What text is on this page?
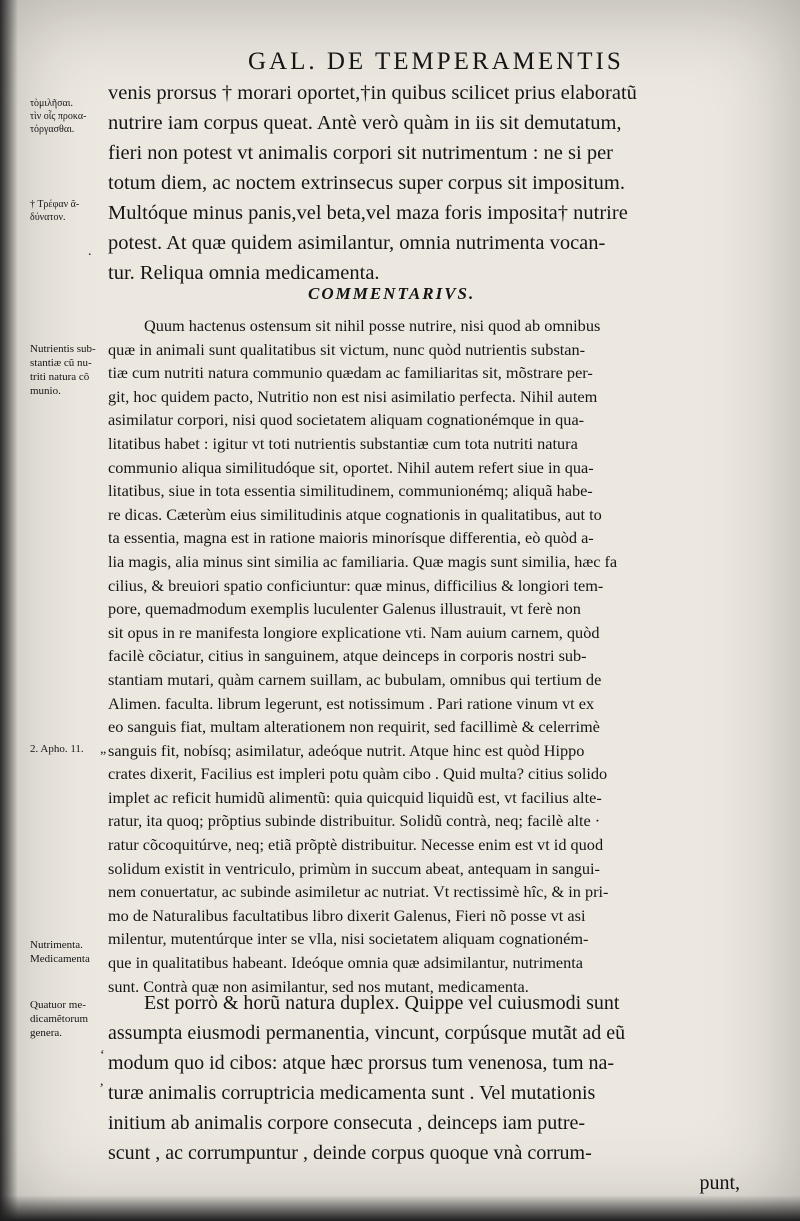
GAL. DE TEMPERAMENTIS
τὸμιλῆσαι.
τὶν οἷς προκα-
τόργασθαι.
† Τρέφαν ᾶ-
δύνατον.
Nutrientis sub-
stantiæ cũ nu-
triti natura cõ
munio.
2. Apho. 11.
Nutrimenta.
Medicamenta
Quatuor me-
dicamẽtorum
genera.
.
„
ʻ
,
venis prorsus † morari oportet,†in quibus scilicet prius elaboratũ
nutrire iam corpus queat. Antè verò quàm in iis sit demutatum,
fieri non potest vt animalis corpori sit nutrimentum : ne si per
totum diem, ac noctem extrinsecus super corpus sit impositum.
Multóque minus panis,vel beta,vel maza foris imposita† nutrire
potest. At quæ quidem asimilantur, omnia nutrimenta vocan-
tur. Reliqua omnia medicamenta.
COMMENTARIVS.
Quum hactenus ostensum sit nihil posse nutrire, nisi quod ab omnibus
quæ in animali sunt qualitatibus sit victum, nunc quòd nutrientis substan-
tiæ cum nutriti natura communio quædam ac familiaritas sit, mõstrare per-
git, hoc quidem pacto, Nutritio non est nisi asimilatio perfecta. Nihil autem
asimilatur corpori, nisi quod societatem aliquam cognationémque in qua-
litatibus habet : igitur vt toti nutrientis substantiæ cum tota nutriti natura
communio aliqua similitudóque sit, oportet. Nihil autem refert siue in qua-
litatibus, siue in tota essentia similitudinem, communionémq; aliquã habe-
re dicas. Cæterùm eius similitudinis atque cognationis in qualitatibus, aut to
ta essentia, magna est in ratione maioris minorísque differentia, eò quòd a-
lia magis, alia minus sint similia ac familiaria. Quæ magis sunt similia, hæc fa
cilius, & breuiori spatio conficiuntur: quæ minus, difficilius & longiori tem-
pore, quemadmodum exemplis luculenter Galenus illustrauit, vt ferè non
sit opus in re manifesta longiore explicatione vti. Nam auium carnem, quòd
facilè cõciatur, citius in sanguinem, atque deinceps in corporis nostri sub-
stantiam mutari, quàm carnem suillam, ac bubulam, omnibus qui tertium de
Alimen. facultа. librum legerunt, est notissimum . Pari ratione vinum vt ex
eo sanguis fiat, multam alterationem non requirit, sed facillimè & celerrimè
sanguis fit, nobísq; asimilatur, adeóque nutrit. Atque hinc est quòd Hippo
crates dixerit, Facilius est impleri potu quàm cibo . Quid multa? citius solido
implet ac reficit humidũ alimentũ: quia quicquid liquidũ est, vt facilius alte-
ratur, ita quoq; prõptius subinde distribuitur. Solidũ contrà, neq; facilè alte ·
ratur cõcoquitúrve, neq; etiã prõptè distribuitur. Necesse enim est vt id quod
solidum existit in ventriculo, primùm in succum abeat, antequam in sangui-
nem conuertatur, ac subinde asimiletur ac nutriat. Vt rectissimè hîc, & in pri-
mo de Naturalibus facultatibus libro dixerit Galenus, Fieri nõ posse vt asi
milentur, mutentúrque inter se vlla, nisi societatem aliquam cognationém-
que in qualitatibus habeant. Ideóque omnia quæ adsimilantur, nutrimenta
sunt. Contrà quæ non asimilantur, sed nos mutant, medicamenta.
Est porrò & horũ natura duplex. Quippe vel cuiusmodi sunt
assumpta eiusmodi permanentia, vincunt, corpúsque mutãt ad eũ
modum quo id cibos: atque hæc prorsus tum venenosa, tum na-
turæ animalis corruptricia medicamenta sunt . Vel mutationis
initium ab animalis corpore consecuta , deinceps iam putre-
scunt , ac corrumpuntur , deinde corpus quoque vnà corrum-
punt,
